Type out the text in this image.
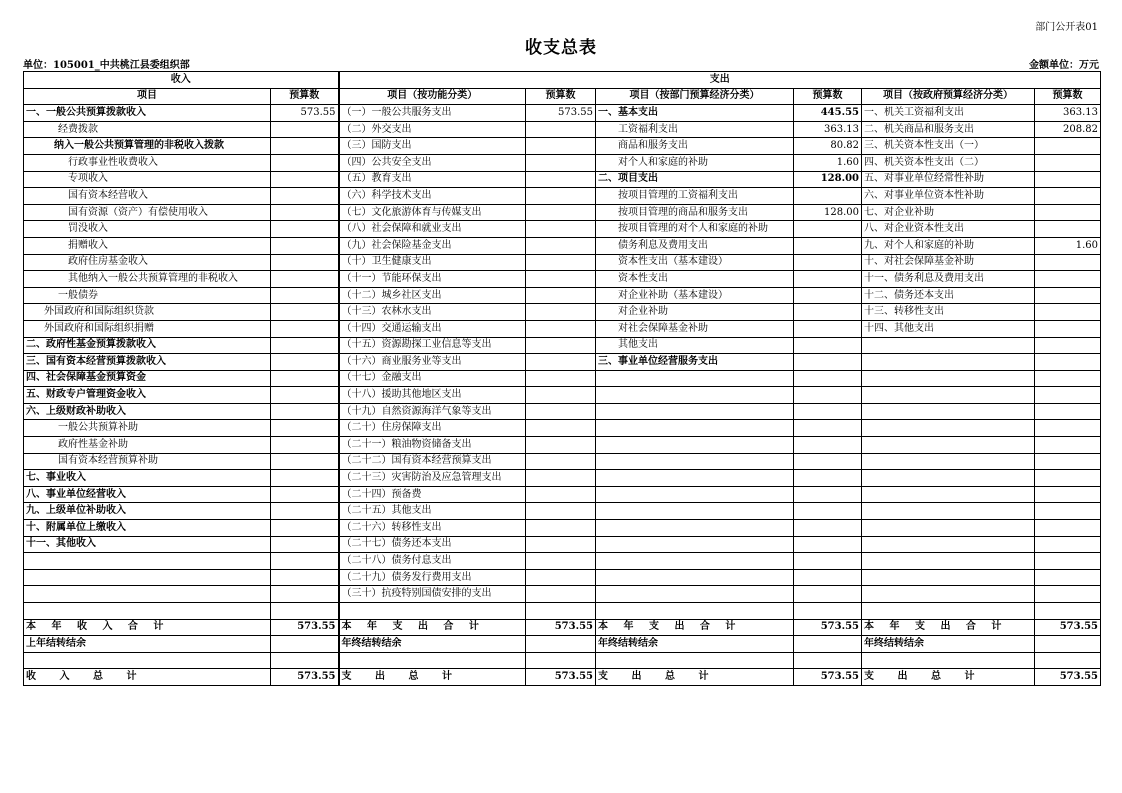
部门公开表01
收支总表
单位：105001_中共桃江县委组织部	金额单位：万元
收入		支出					
项目	预算数	项目（按功能分类）	预算数	项目（按部门预算经济分类）	预算数	项目（按政府预算经济分类）	预算数
一、一般公共预算拨款收入	573.55	（一）一般公共服务支出	573.55	一、基本支出	445.55	一、机关工资福利支出	363.13
经费拨款		（二）外交支出		工资福利支出	363.13	二、机关商品和服务支出	208.82
纳入一般公共预算管理的非税收入拨款		（三）国防支出		商品和服务支出	80.82	三、机关资本性支出（一）	
行政事业性收费收入		（四）公共安全支出		对个人和家庭的补助	1.60	四、机关资本性支出（二）	
专项收入		（五）教育支出		二、项目支出	128.00	五、对事业单位经常性补助	
国有资本经营收入		（六）科学技术支出		按项目管理的工资福利支出		六、对事业单位资本性补助	
国有资源（资产）有偿使用收入		（七）文化旅游体育与传媒支出		按项目管理的商品和服务支出	128.00	七、对企业补助	
罚没收入		（八）社会保障和就业支出		按项目管理的对个人和家庭的补助		八、对企业资本性支出	
捐赠收入		（九）社会保险基金支出		债务利息及费用支出		九、对个人和家庭的补助	1.60
政府住房基金收入		（十）卫生健康支出		资本性支出（基本建设）		十、对社会保障基金补助	
其他纳入一般公共预算管理的非税收入		（十一）节能环保支出		资本性支出		十一、债务利息及费用支出	
一般债券		（十二）城乡社区支出		对企业补助（基本建设）		十二、债务还本支出	
外国政府和国际组织贷款		（十三）农林水支出		对企业补助		十三、转移性支出	
外国政府和国际组织捐赠		（十四）交通运输支出		对社会保障基金补助		十四、其他支出	
二、政府性基金预算拨款收入		（十五）资源勘探工业信息等支出		其他支出			
三、国有资本经营预算拨款收入		（十六）商业服务业等支出		三、事业单位经营服务支出			
四、社会保障基金预算资金		（十七）金融支出					
五、财政专户管理资金收入		（十八）援助其他地区支出					
六、上级财政补助收入		（十九）自然资源海洋气象等支出					
一般公共预算补助		（二十）住房保障支出					
政府性基金补助		（二十一）粮油物资储备支出					
国有资本经营预算补助		（二十二）国有资本经营预算支出					
七、事业收入		（二十三）灾害防治及应急管理支出					
八、事业单位经营收入		（二十四）预备费					
九、上级单位补助收入		（二十五）其他支出					
十、附属单位上缴收入		（二十六）转移性支出					
十一、其他收入		（二十七）债务还本支出					
		（二十八）债务付息支出					
		（二十九）债务发行费用支出					
		（三十）抗疫特别国债安排的支出					

本 年 收 入 合 计	573.55	本 年 支 出 合 计	573.55	本 年 支 出 合 计	573.55	本 年 支 出 合 计	573.55
上年结转结余		年终结转结余		年终结转结余		年终结转结余	

收 入 总 计	573.55	支 出 总 计	573.55	支 出 总 计	573.55	支 出 总 计	573.55
